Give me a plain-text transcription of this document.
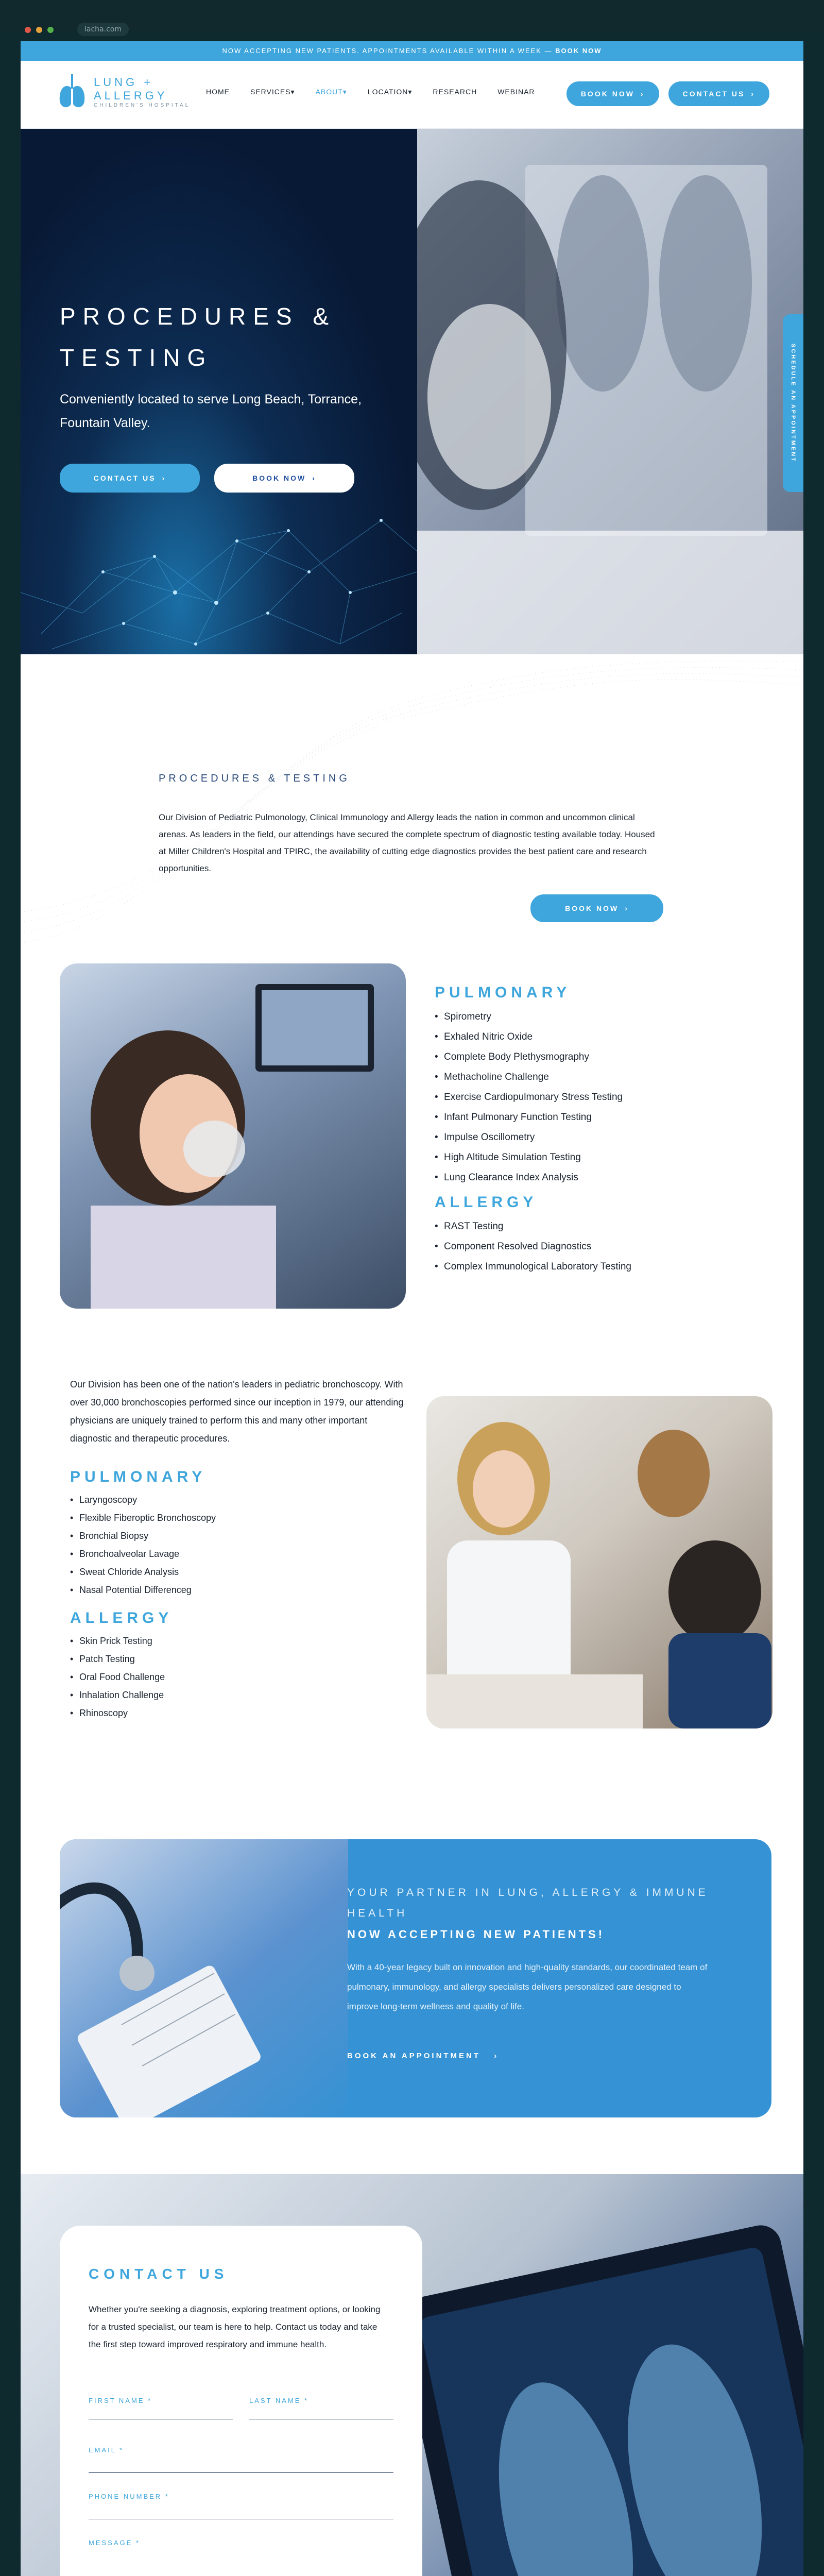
lacha.com
NOW ACCEPTING NEW PATIENTS. APPOINTMENTS AVAILABLE WITHIN A WEEK — BOOK NOW
LUNG +
ALLERGY
CHILDREN'S HOSPITAL
HOME	SERVICES▾	ABOUT▾	LOCATION▾	RESEARCH	WEBINAR	BOOK NOW ›	CONTACT US ›
PROCEDURES &
TESTING

Conveniently located to serve Long Beach, Torrance, Fountain Valley.

CONTACT US ›	BOOK NOW ›
SCHEDULE AN APPOINTMENT
PROCEDURES & TESTING
Our Division of Pediatric Pulmonology, Clinical Immunology and Allergy leads the nation in common and uncommon clinical arenas. As leaders in the field, our attendings have secured the complete spectrum of diagnostic testing available today. Housed at Miller Children's Hospital and TPIRC, the availability of cutting edge diagnostics provides the best patient care and research opportunities.
BOOK NOW ›
PULMONARY
• Spirometry
• Exhaled Nitric Oxide
• Complete Body Plethysmography
• Methacholine Challenge
• Exercise Cardiopulmonary Stress Testing
• Infant Pulmonary Function Testing
• Impulse Oscillometry
• High Altitude Simulation Testing
• Lung Clearance Index Analysis
ALLERGY
• RAST Testing
• Component Resolved Diagnostics
• Complex Immunological Laboratory Testing
Our Division has been one of the nation's leaders in pediatric bronchoscopy. With over 30,000 bronchoscopies performed since our inception in 1979, our attending physicians are uniquely trained to perform this and many other important diagnostic and therapeutic procedures.
PULMONARY
• Laryngoscopy
• Flexible Fiberoptic Bronchoscopy
• Bronchial Biopsy
• Bronchoalveolar Lavage
• Sweat Chloride Analysis
• Nasal Potential Differenceg
ALLERGY
• Skin Prick Testing
• Patch Testing
• Oral Food Challenge
• Inhalation Challenge
• Rhinoscopy
YOUR PARTNER IN LUNG, ALLERGY & IMMUNE HEALTH
NOW ACCEPTING NEW PATIENTS!
With a 40-year legacy built on innovation and high-quality standards, our coordinated team of pulmonary, immunology, and allergy specialists delivers personalized care designed to improve long-term wellness and quality of life.
BOOK AN APPOINTMENT ›
CONTACT US
Whether you're seeking a diagnosis, exploring treatment options, or looking for a trusted specialist, our team is here to help. Contact us today and take the first step toward improved respiratory and immune health.
FIRST NAME *	LAST NAME *
EMAIL *
PHONE NUMBER *
MESSAGE *
